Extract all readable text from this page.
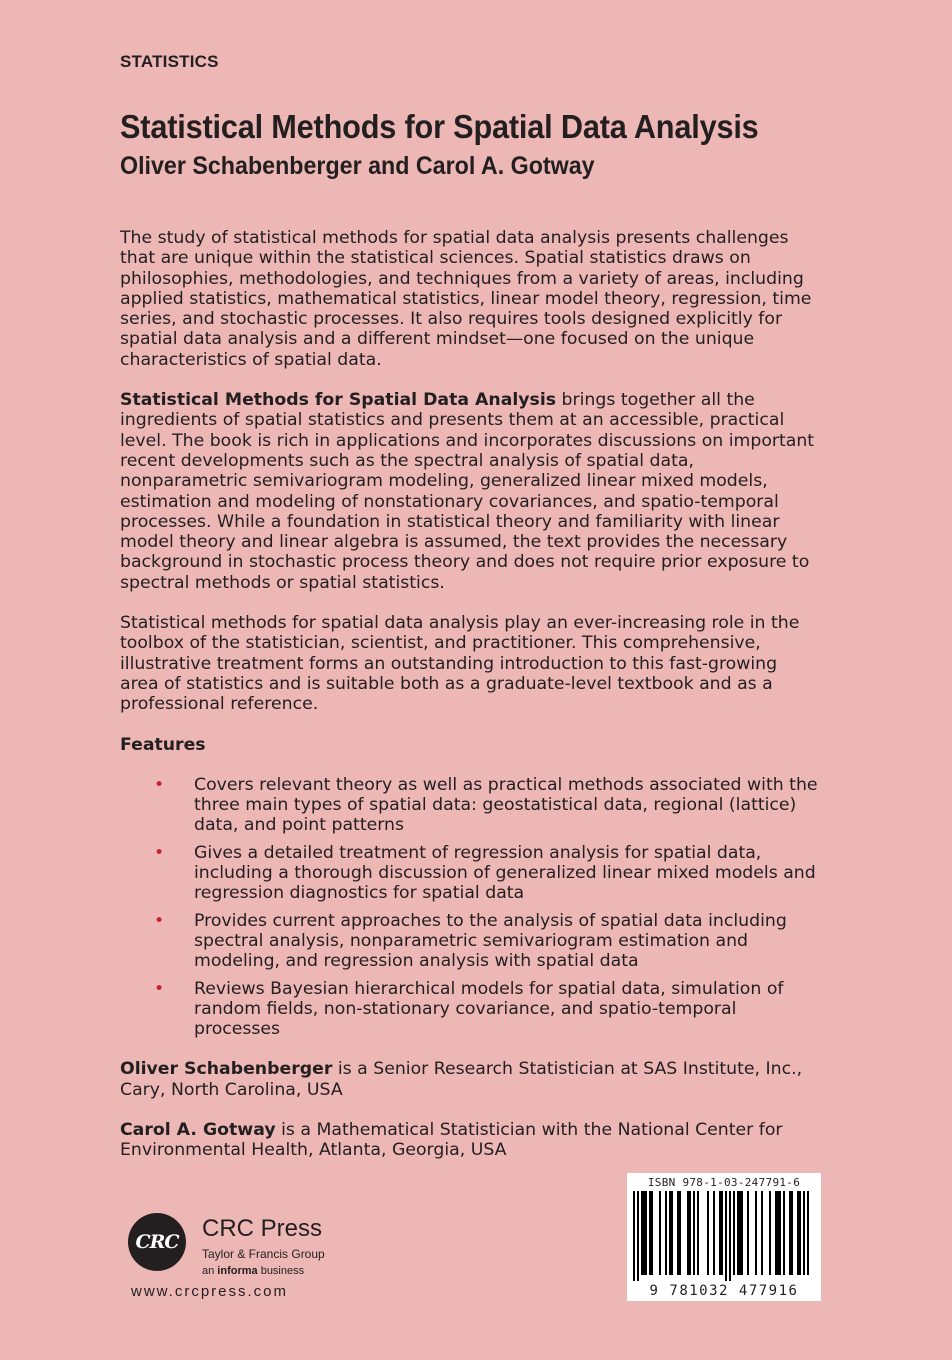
STATISTICS
Statistical Methods for Spatial Data Analysis
Oliver Schabenberger and Carol A. Gotway

The study of statistical methods for spatial data analysis presents challenges that are unique within the statistical sciences. Spatial statistics draws on philosophies, methodologies, and techniques from a variety of areas, including applied statistics, mathematical statistics, linear model theory, regression, time series, and stochastic processes. It also requires tools designed explicitly for spatial data analysis and a different mindset—one focused on the unique characteristics of spatial data.

Statistical Methods for Spatial Data Analysis brings together all the ingredients of spatial statistics and presents them at an accessible, practical level. The book is rich in applications and incorporates discussions on important recent developments such as the spectral analysis of spatial data, nonparametric semivariogram modeling, generalized linear mixed models, estimation and modeling of nonstationary covariances, and spatio-temporal processes. While a foundation in statistical theory and familiarity with linear model theory and linear algebra is assumed, the text provides the necessary background in stochastic process theory and does not require prior exposure to spectral methods or spatial statistics.

Statistical methods for spatial data analysis play an ever-increasing role in the toolbox of the statistician, scientist, and practitioner. This comprehensive, illustrative treatment forms an outstanding introduction to this fast-growing area of statistics and is suitable both as a graduate-level textbook and as a professional reference.

Features
• Covers relevant theory as well as practical methods associated with the three main types of spatial data: geostatistical data, regional (lattice) data, and point patterns
• Gives a detailed treatment of regression analysis for spatial data, including a thorough discussion of generalized linear mixed models and regression diagnostics for spatial data
• Provides current approaches to the analysis of spatial data including spectral analysis, nonparametric semivariogram estimation and modeling, and regression analysis with spatial data
• Reviews Bayesian hierarchical models for spatial data, simulation of random fields, non-stationary covariance, and spatio-temporal processes

Oliver Schabenberger is a Senior Research Statistician at SAS Institute, Inc., Cary, North Carolina, USA

Carol A. Gotway is a Mathematical Statistician with the National Center for Environmental Health, Atlanta, Georgia, USA

CRC CRC Press
Taylor & Francis Group
an informa business
www.crcpress.com
ISBN 978-1-03-247791-6
9 781032 477916
